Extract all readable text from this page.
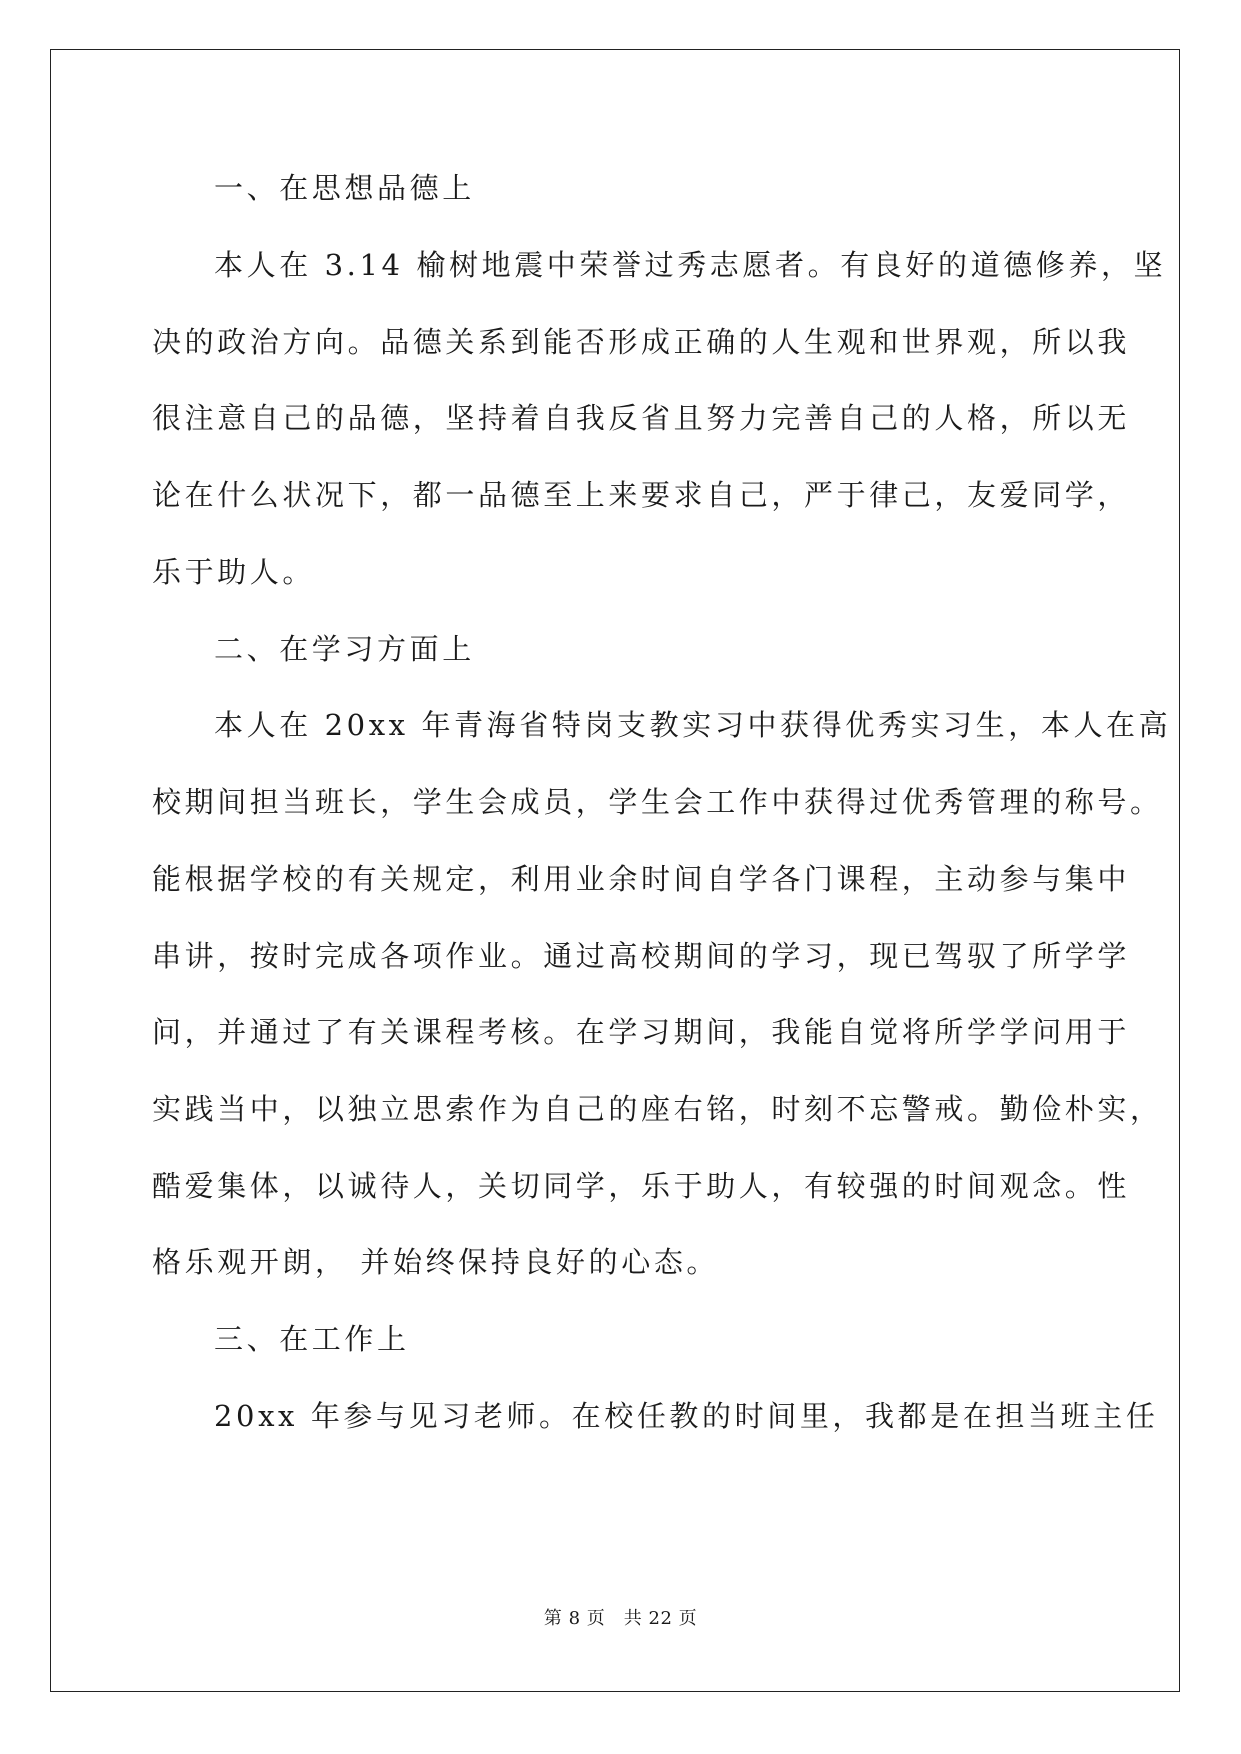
一、在思想品德上
本人在 3.14 榆树地震中荣誉过秀志愿者。有良好的道德修养，坚
决的政治方向。品德关系到能否形成正确的人生观和世界观，所以我
很注意自己的品德，坚持着自我反省且努力完善自己的人格，所以无
论在什么状况下，都一品德至上来要求自己，严于律己，友爱同学，
乐于助人。
二、在学习方面上
本人在 20xx 年青海省特岗支教实习中获得优秀实习生，本人在高
校期间担当班长，学生会成员，学生会工作中获得过优秀管理的称号。
能根据学校的有关规定，利用业余时间自学各门课程，主动参与集中
串讲，按时完成各项作业。通过高校期间的学习，现已驾驭了所学学
问，并通过了有关课程考核。在学习期间，我能自觉将所学学问用于
实践当中，以独立思索作为自己的座右铭，时刻不忘警戒。勤俭朴实，
酷爱集体，以诚待人，关切同学，乐于助人，有较强的时间观念。性
格乐观开朗， 并始终保持良好的心态。
三、在工作上
20xx 年参与见习老师。在校任教的时间里，我都是在担当班主任
第 8 页　共 22 页
